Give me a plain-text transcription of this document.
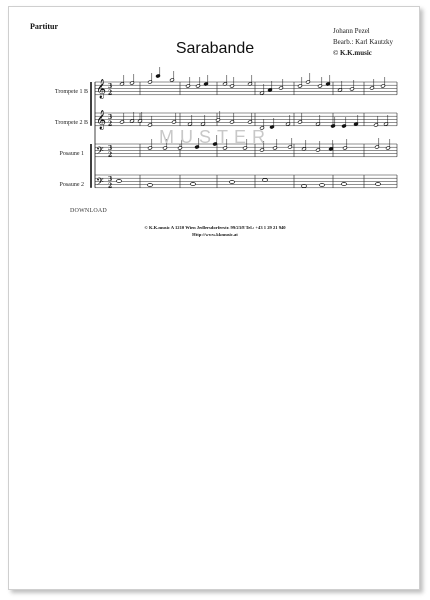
Partitur
Sarabande
Johann Pezel
Bearb.: Karl Kautzky
© K.K.music
Trompete 1 B
Trompete 2 B
Posaune 1
Posaune 2
𝄞 3
2
𝄞 3
2
𝄢 3
2
𝄢 3
2
MUSTER
DOWNLOAD
© K.K.music A 1210 Wien Jedlersdorferstr. 99/23/8 Tel.: +43 1 29 21 940
Http://www.kkmusic.at
